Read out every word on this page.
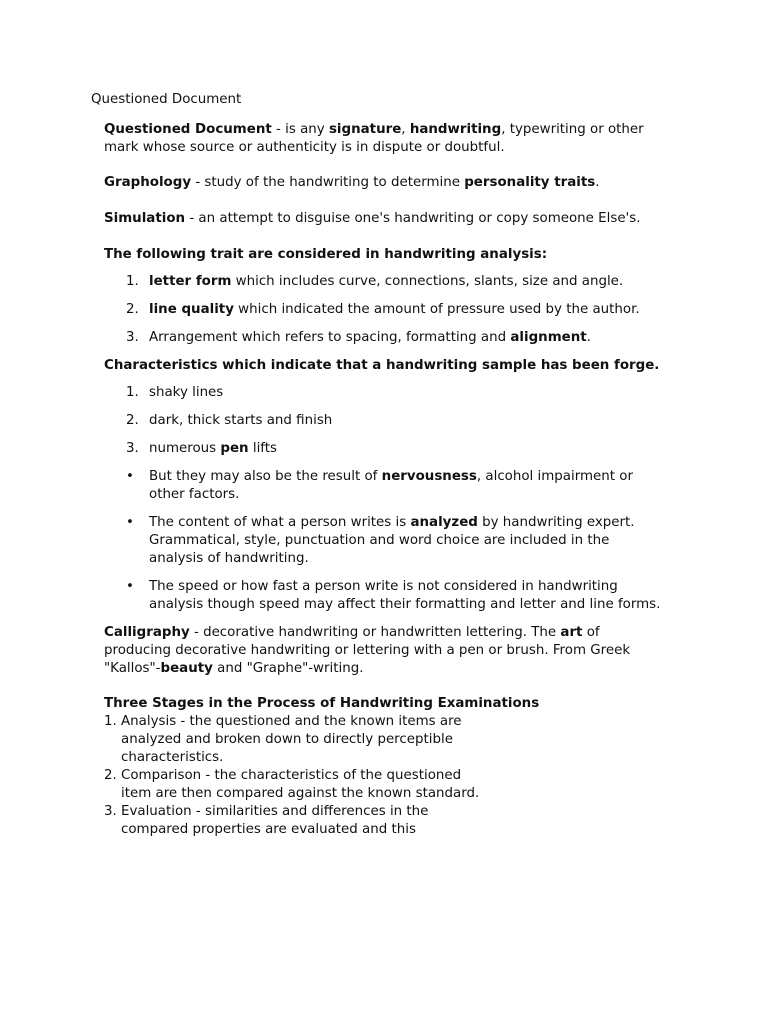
Questioned Document

Questioned Document - is any signature, handwriting, typewriting or other mark whose source or authenticity is in dispute or doubtful.

Graphology - study of the handwriting to determine personality traits.

Simulation - an attempt to disguise one's handwriting or copy someone Else's.

The following trait are considered in handwriting analysis:

1. letter form which includes curve, connections, slants, size and angle.
2. line quality which indicated the amount of pressure used by the author.
3. Arrangement which refers to spacing, formatting and alignment.

Characteristics which indicate that a handwriting sample has been forge.

1. shaky lines
2. dark, thick starts and finish
3. numerous pen lifts
• But they may also be the result of nervousness, alcohol impairment or other factors.
• The content of what a person writes is analyzed by handwriting expert. Grammatical, style, punctuation and word choice are included in the analysis of handwriting.
• The speed or how fast a person write is not considered in handwriting analysis though speed may affect their formatting and letter and line forms.

Calligraphy - decorative handwriting or handwritten lettering. The art of producing decorative handwriting or lettering with a pen or brush. From Greek "Kallos"-beauty and "Graphe"-writing.

Three Stages in the Process of Handwriting Examinations

1. Analysis - the questioned and the known items are analyzed and broken down to directly perceptible characteristics.
2. Comparison - the characteristics of the questioned item are then compared against the known standard.
3. Evaluation - similarities and differences in the compared properties are evaluated and this
